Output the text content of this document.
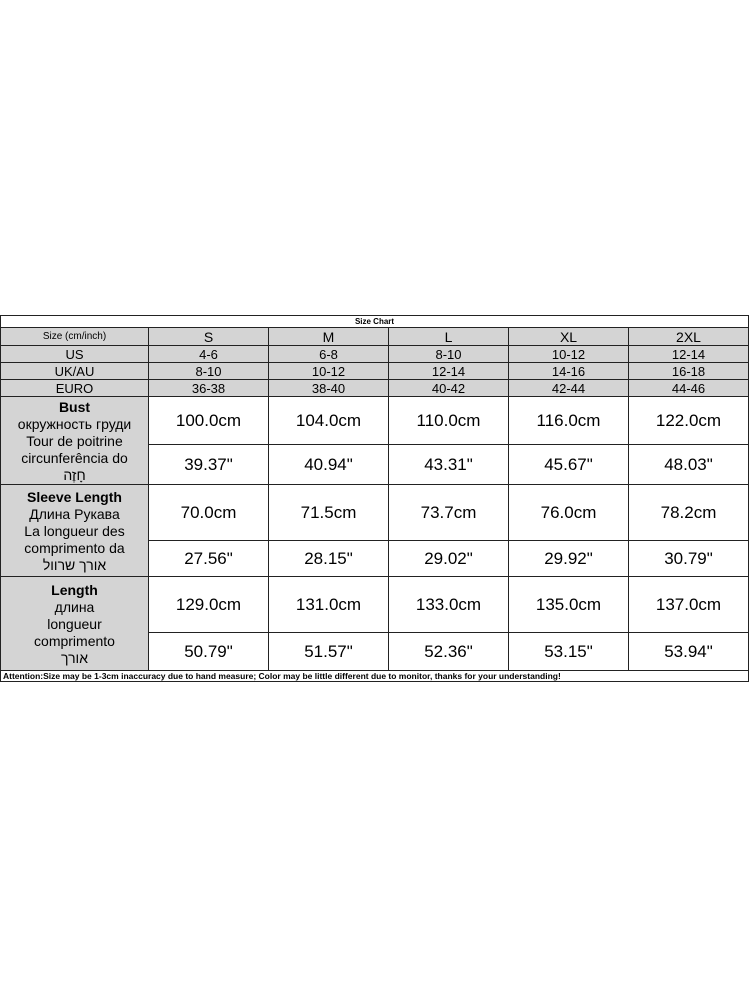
Size Chart					
Size (cm/inch)	S	M	L	XL	2XL
US	4-6	6-8	8-10	10-12	12-14
UK/AU	8-10	10-12	12-14	14-16	16-18
EURO	36-38	38-40	40-42	42-44	44-46

Bust
окружность груди
Tour de poitrine
circunferência do
חָזֶה	100.0cm	104.0cm	110.0cm	116.0cm	122.0cm
	39.37"	40.94"	43.31"	45.67"	48.03"

Sleeve Length
Длина Рукава
La longueur des
comprimento da
אורך שרוול	70.0cm	71.5cm	73.7cm	76.0cm	78.2cm
	27.56"	28.15"	29.02"	29.92"	30.79"

Length
длина
longueur
comprimento
אורך	129.0cm	131.0cm	133.0cm	135.0cm	137.0cm
	50.79"	51.57"	52.36"	53.15"	53.94"
Attention:Size may be 1-3cm inaccuracy due to hand measure; Color may be little different due to monitor, thanks for your understanding!					
